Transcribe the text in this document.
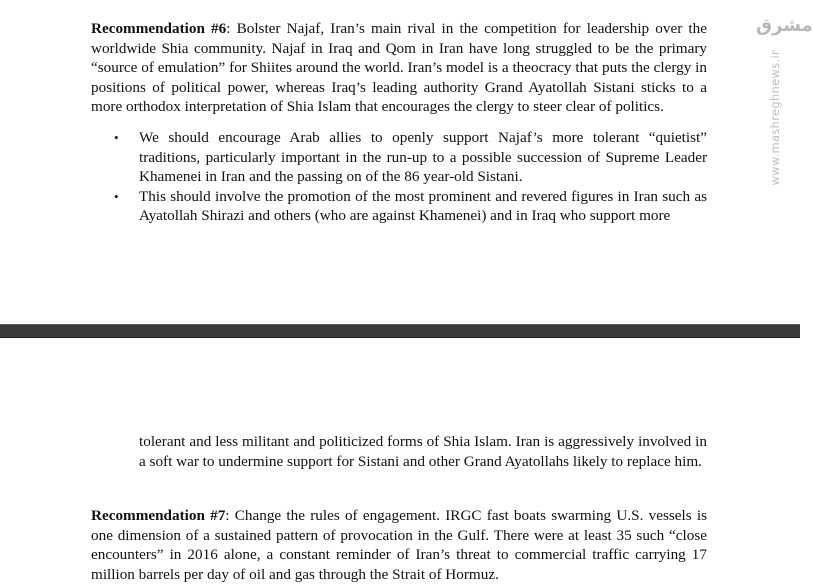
Recommendation #6: Bolster Najaf, Iran’s main rival in the competition for leadership over the worldwide Shia community. Najaf in Iraq and Qom in Iran have long struggled to be the primary “source of emulation” for Shiites around the world. Iran’s model is a theocracy that puts the clergy in positions of political power, whereas Iraq’s leading authority Grand Ayatollah Sistani sticks to a more orthodox interpretation of Shia Islam that encourages the clergy to steer clear of politics.

• We should encourage Arab allies to openly support Najaf’s more tolerant “quietist” traditions, particularly important in the run-up to a possible succession of Supreme Leader Khamenei in Iran and the passing on of the 86 year-old Sistani.
• This should involve the promotion of the most prominent and revered figures in Iran such as Ayatollah Shirazi and others (who are against Khamenei) and in Iraq who support more
ﻣﺸﺮﻕ
www.mashreghnews.ir

tolerant and less militant and politicized forms of Shia Islam. Iran is aggressively involved in a soft war to undermine support for Sistani and other Grand Ayatollahs likely to replace him.

Recommendation #7: Change the rules of engagement. IRGC fast boats swarming U.S. vessels is one dimension of a sustained pattern of provocation in the Gulf. There were at least 35 such “close encounters” in 2016 alone, a constant reminder of Iran’s threat to commercial traffic carrying 17 million barrels per day of oil and gas through the Strait of Hormuz.
